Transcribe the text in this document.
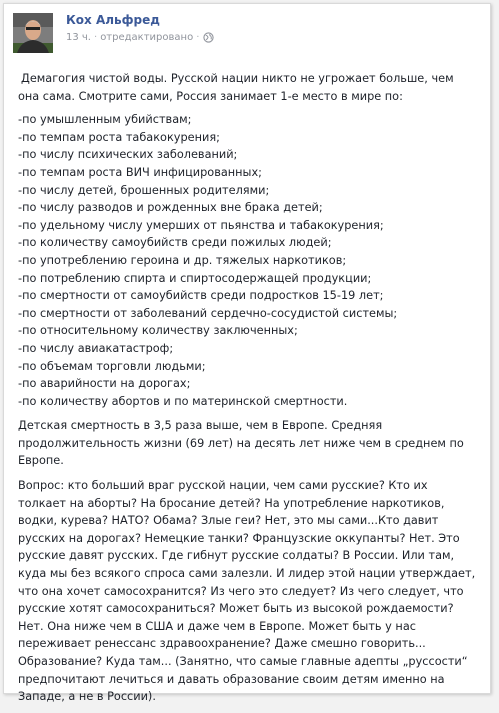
Кох Альфред
13 ч. · отредактировано ·

Демагогия чистой воды. Русской нации никто не угрожает больше, чем она сама. Смотрите сами, Россия занимает 1-е место в мире по:

-по умышленным убийствам;
-по темпам роста табакокурения;
-по числу психических заболеваний;
-по темпам роста ВИЧ инфицированных;
-по числу детей, брошенных родителями;
-по числу разводов и рожденных вне брака детей;
-по удельному числу умерших от пьянства и табакокурения;
-по количеству самоубийств среди пожилых людей;
-по употреблению героина и др. тяжелых наркотиков;
-по потреблению спирта и спиртосодержащей продукции;
-по смертности от самоубийств среди подростков 15-19 лет;
-по смертности от заболеваний сердечно-сосудистой системы;
-по относительному количеству заключенных;
-по числу авиакатастроф;
-по объемам торговли людьми;
-по аварийности на дорогах;
-по количеству абортов и по материнской смертности.

Детская смертность в 3,5 раза выше, чем в Европе. Средняя продолжительность жизни (69 лет) на десять лет ниже чем в среднем по Европе.

Вопрос: кто больший враг русской нации, чем сами русские? Кто их толкает на аборты? На бросание детей? На употребление наркотиков, водки, курева? НАТО? Обама? Злые геи? Нет, это мы сами...Кто давит русских на дорогах? Немецкие танки? Французские оккупанты? Нет. Это русские давят русских. Где гибнут русские солдаты? В России. Или там, куда мы без всякого спроса сами залезли. И лидер этой нации утверждает, что она хочет самосохранится? Из чего это следует? Из чего следует, что русские хотят самосохраниться? Может быть из высокой рождаемости? Нет. Она ниже чем в США и даже чем в Европе. Может быть у нас переживает ренессанс здравоохранение? Даже смешно говорить... Образование? Куда там... (Занятно, что самые главные адепты „руссости“ предпочитают лечиться и давать образование своим детям именно на Западе, а не в России).
